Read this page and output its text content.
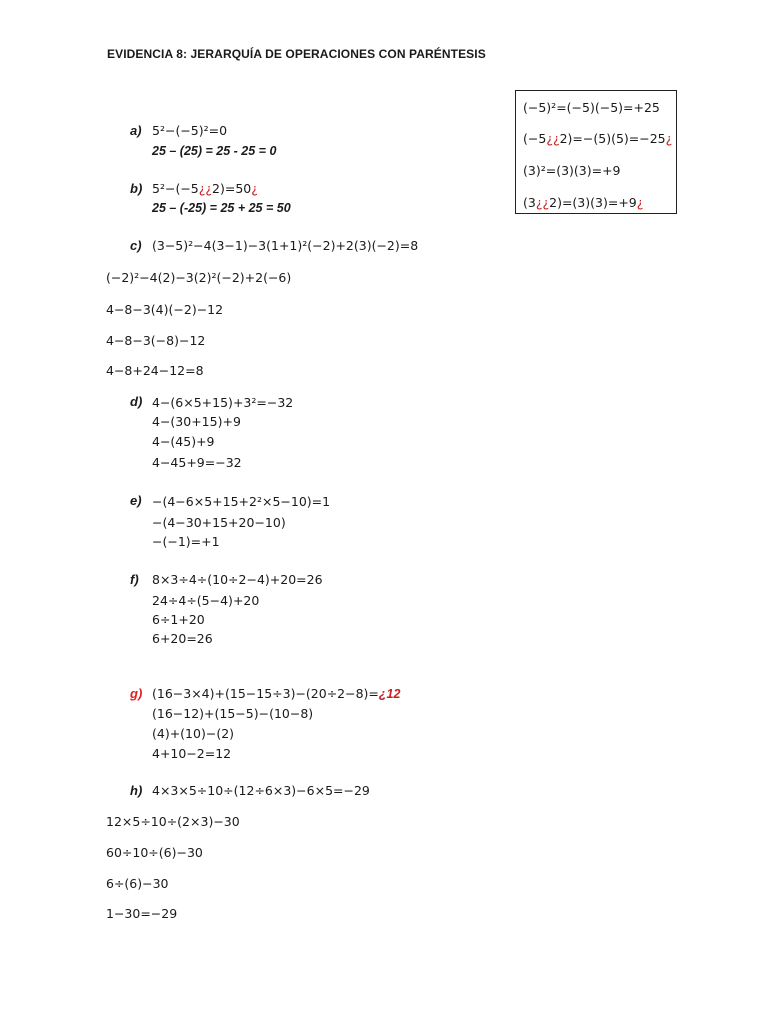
EVIDENCIA 8: JERARQUÍA DE OPERACIONES CON PARÉNTESIS
(−5)²=(−5)(−5)=+25
(−5¿¿2)=−(5)(5)=−25¿
(3)²=(3)(3)=+9
(3¿¿2)=(3)(3)=+9¿
a) 5²−(−5)²=0
25 – (25) = 25 - 25 = 0
b) 5²−(−5¿¿2)=50¿
25 – (-25) = 25 + 25 = 50
c) (3−5)²−4(3−1)−3(1+1)²(−2)+2(3)(−2)=8
(−2)²−4(2)−3(2)²(−2)+2(−6)
4−8−3(4)(−2)−12
4−8−3(−8)−12
4−8+24−12=8
d) 4−(6×5+15)+3²=−32
4−(30+15)+9
4−(45)+9
4−45+9=−32
e) −(4−6×5+15+2²×5−10)=1
−(4−30+15+20−10)
−(−1)=+1
f) 8×3÷4÷(10÷2−4)+20=26
24÷4÷(5−4)+20
6÷1+20
6+20=26
g) (16−3×4)+(15−15÷3)−(20÷2−8)=¿12
(16−12)+(15−5)−(10−8)
(4)+(10)−(2)
4+10−2=12
h) 4×3×5÷10÷(12÷6×3)−6×5=−29
12×5÷10÷(2×3)−30
60÷10÷(6)−30
6÷(6)−30
1−30=−29
